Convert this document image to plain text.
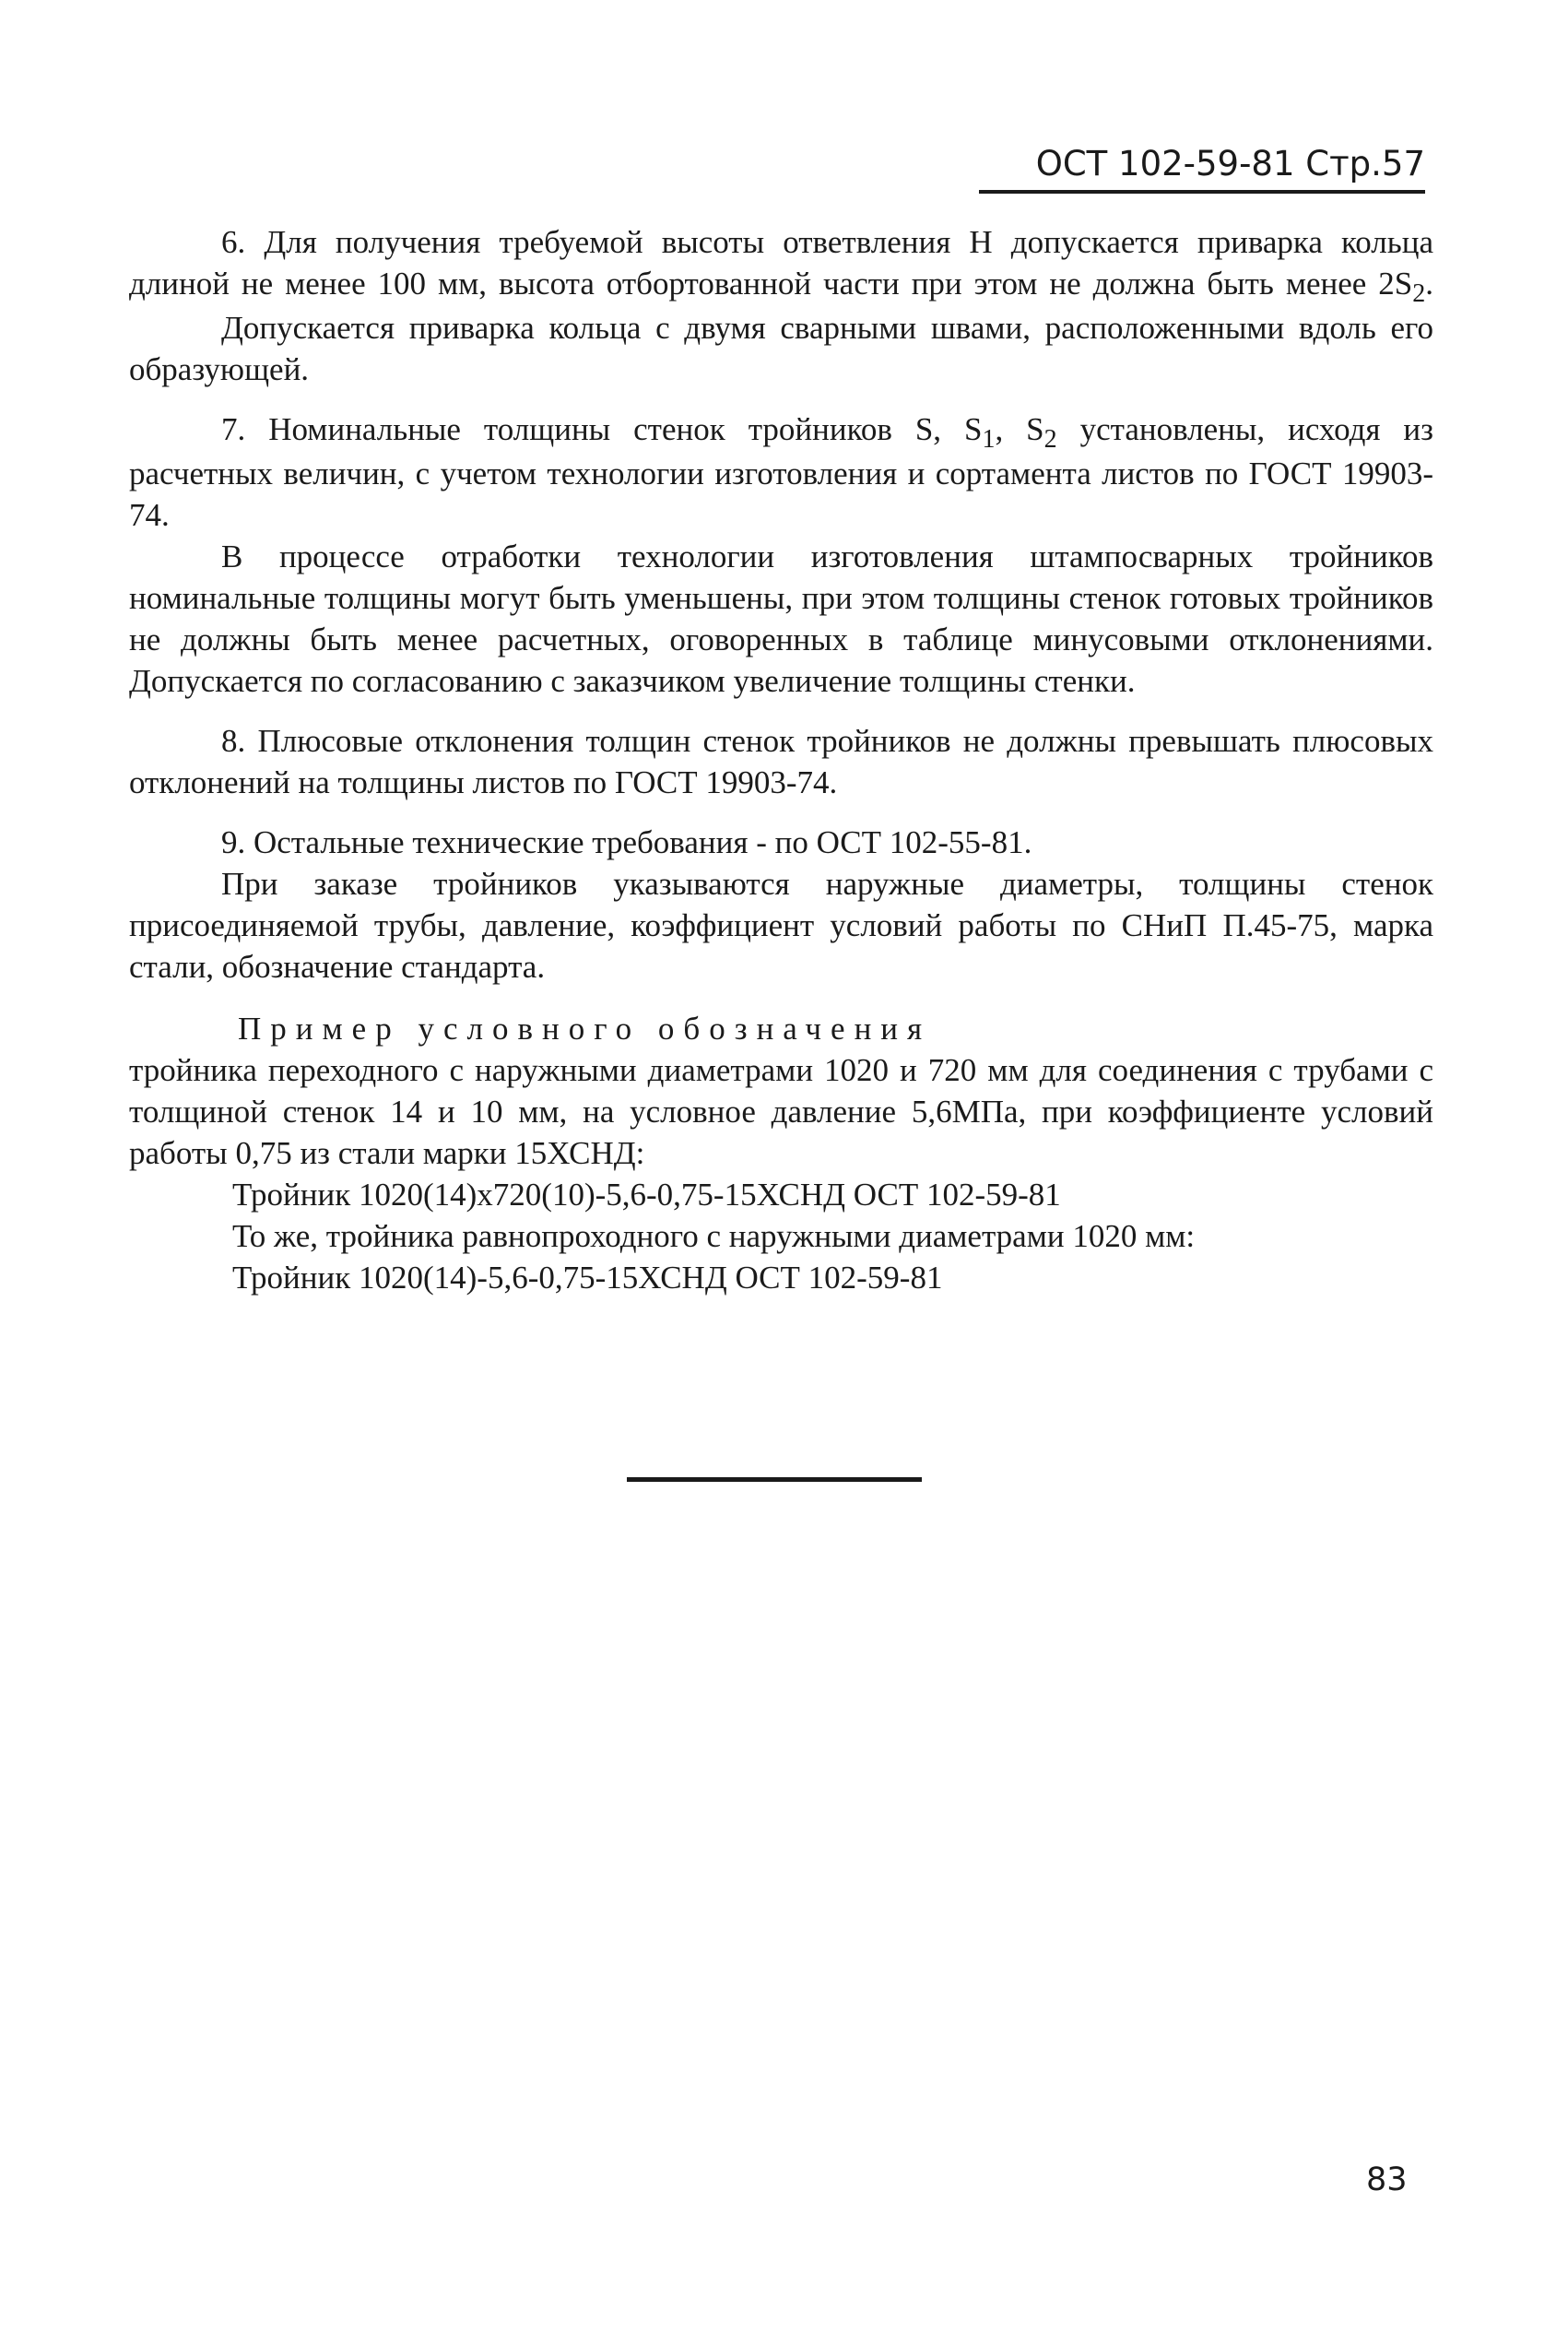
ОСТ 102-59-81 Стр.57

6. Для получения требуемой высоты ответвления Н допускается приварка кольца длиной не менее 100 мм, высота отбортованной части при этом не должна быть менее $2S_2$.

Допускается приварка кольца с двумя сварными швами, расположенными вдоль его образующей.

7. Номинальные толщины стенок тройников S, $S_1$, $S_2$ установлены, исходя из расчетных величин, с учетом технологии изготовления и сортамента листов по ГОСТ 19903-74.

В процессе отработки технологии изготовления штампосварных тройников номинальные толщины могут быть уменьшены, при этом толщины стенок готовых тройников не должны быть менее расчетных, оговоренных в таблице минусовыми отклонениями. Допускается по согласованию с заказчиком увеличение толщины стенки.

8. Плюсовые отклонения толщин стенок тройников не должны превышать плюсовых отклонений на толщины листов по ГОСТ 19903-74.

9. Остальные технические требования - по ОСТ 102-55-81.

При заказе тройников указываются наружные диаметры, толщины стенок присоединяемой трубы, давление, коэффициент условий работы по СНиП П.45-75, марка стали, обозначение стандарта.

Пример условного обозначения

тройника переходного с наружными диаметрами 1020 и 720 мм для соединения с трубами с толщиной стенок 14 и 10 мм, на условное давление 5,6МПа, при коэффициенте условий работы 0,75 из стали марки 15ХСНД:

Тройник 1020(14)х720(10)-5,6-0,75-15ХСНД ОСТ 102-59-81

То же, тройника равнопроходного с наружными диаметрами 1020 мм:

Тройник 1020(14)-5,6-0,75-15ХСНД ОСТ 102-59-81

83
